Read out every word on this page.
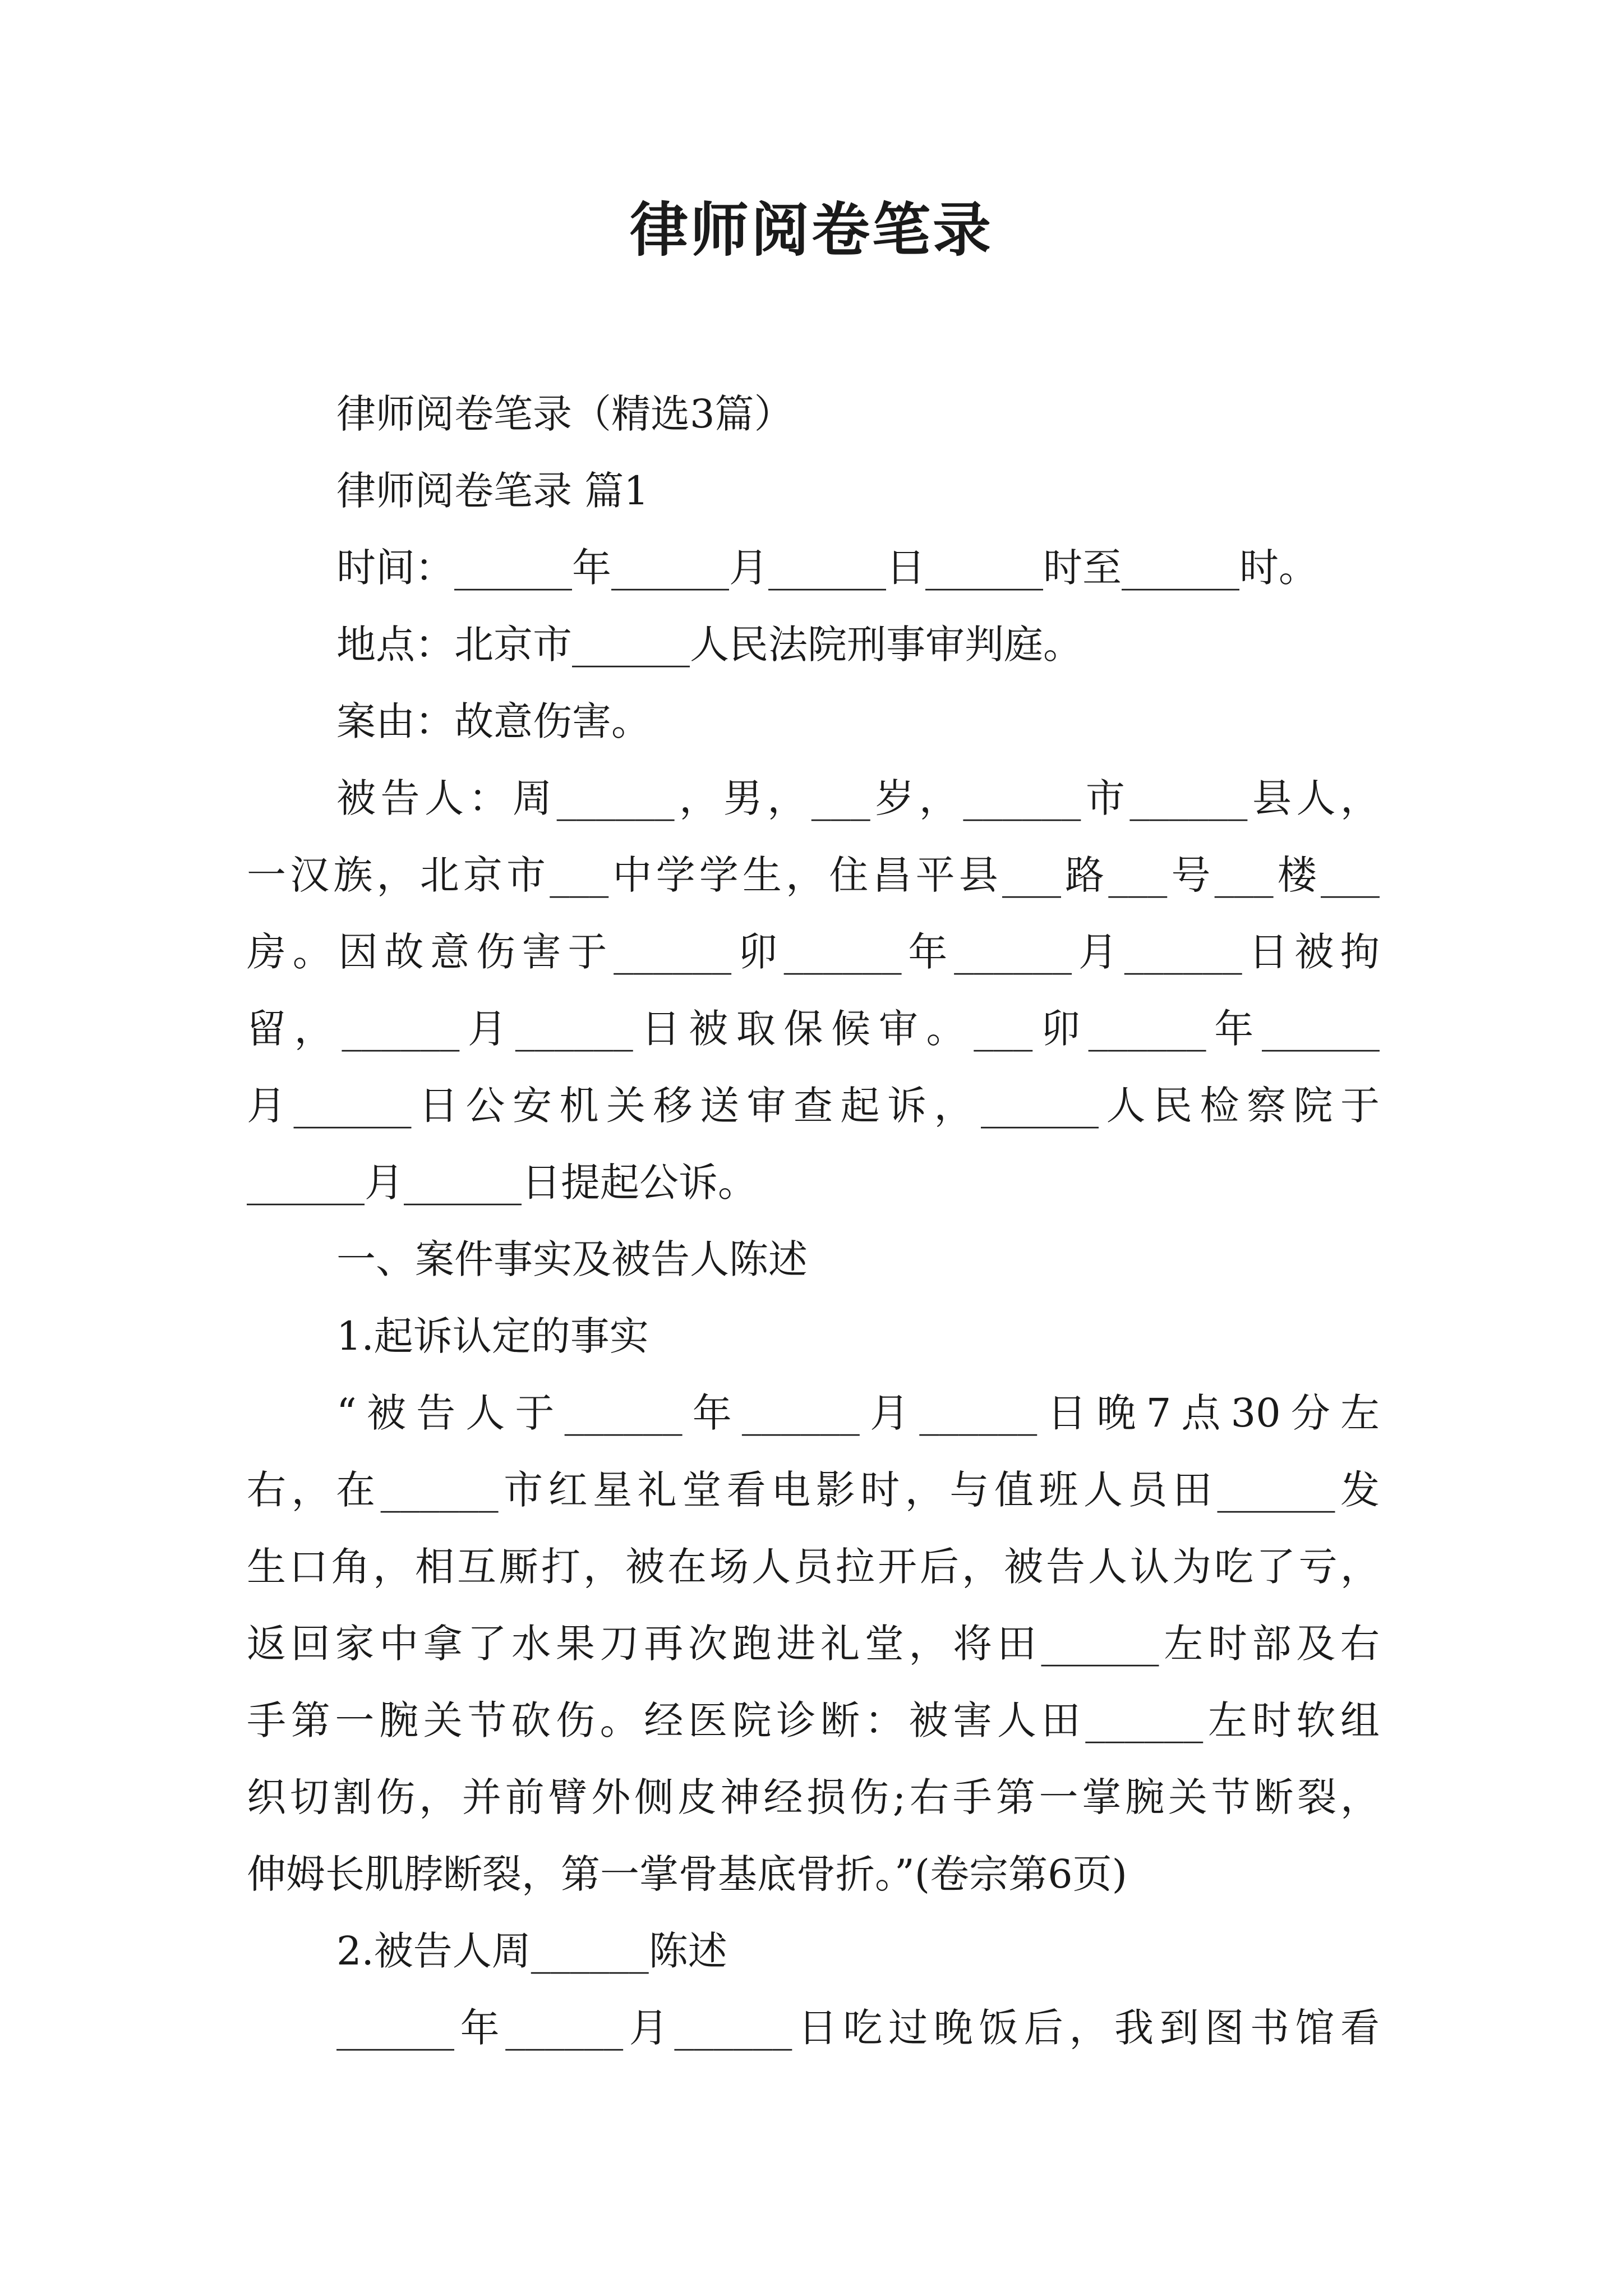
律师阅卷笔录
律师阅卷笔录（精选3篇）
律师阅卷笔录 篇1
时间：______年______月______日______时至______时。
地点：北京市______人民法院刑事审判庭。
案由：故意伤害。
被告人：周______，男，___岁，______市______县人，
一汉族，北京市___中学学生，住昌平县___路___号___楼___
房。因故意伤害于______卯______年______月______日被拘
留，______月______日被取保候审。___卯______年______
月______日公安机关移送审查起诉，______人民检察院于
______月______日提起公诉。
一、案件事实及被告人陈述
1.起诉认定的事实
“被告人于______年______月______日晚7点30分左
右，在______市红星礼堂看电影时，与值班人员田______发
生口角，相互厮打，被在场人员拉开后，被告人认为吃了亏，
返回家中拿了水果刀再次跑进礼堂，将田______左时部及右
手第一腕关节砍伤。经医院诊断：被害人田______左时软组
织切割伤，并前臂外侧皮神经损伤;右手第一掌腕关节断裂，
伸姆长肌脖断裂，第一掌骨基底骨折。”(卷宗第6页)
2.被告人周______陈述
______年______月______日吃过晚饭后，我到图书馆看
